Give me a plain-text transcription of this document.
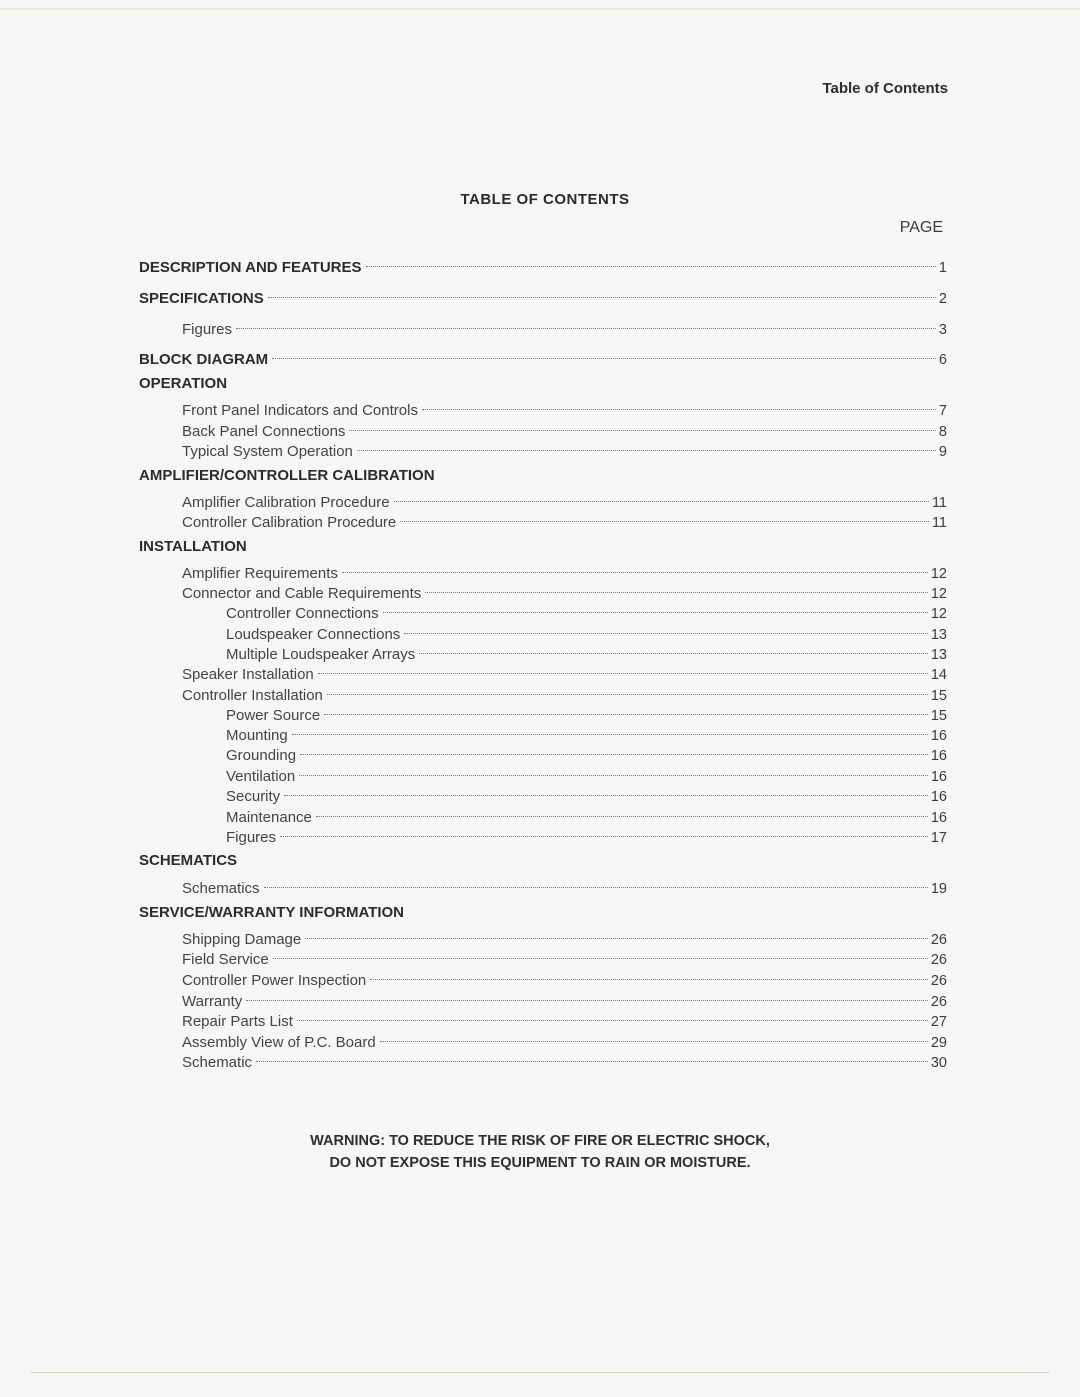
Table of Contents
TABLE OF CONTENTS
PAGE
DESCRIPTION AND FEATURES	1
SPECIFICATIONS	2
Figures	3
BLOCK DIAGRAM	6
OPERATION
Front Panel Indicators and Controls	7
Back Panel Connections	8
Typical System Operation	9
AMPLIFIER/CONTROLLER CALIBRATION
Amplifier Calibration Procedure	11
Controller Calibration Procedure	11
INSTALLATION
Amplifier Requirements	12
Connector and Cable Requirements	12
Controller Connections	12
Loudspeaker Connections	13
Multiple Loudspeaker Arrays	13
Speaker Installation	14
Controller Installation	15
Power Source	15
Mounting	16
Grounding	16
Ventilation	16
Security	16
Maintenance	16
Figures	17
SCHEMATICS
Schematics	19
SERVICE/WARRANTY INFORMATION
Shipping Damage	26
Field Service	26
Controller Power Inspection	26
Warranty	26
Repair Parts List	27
Assembly View of P.C. Board	29
Schematic	30
WARNING: TO REDUCE THE RISK OF FIRE OR ELECTRIC SHOCK,
DO NOT EXPOSE THIS EQUIPMENT TO RAIN OR MOISTURE.
